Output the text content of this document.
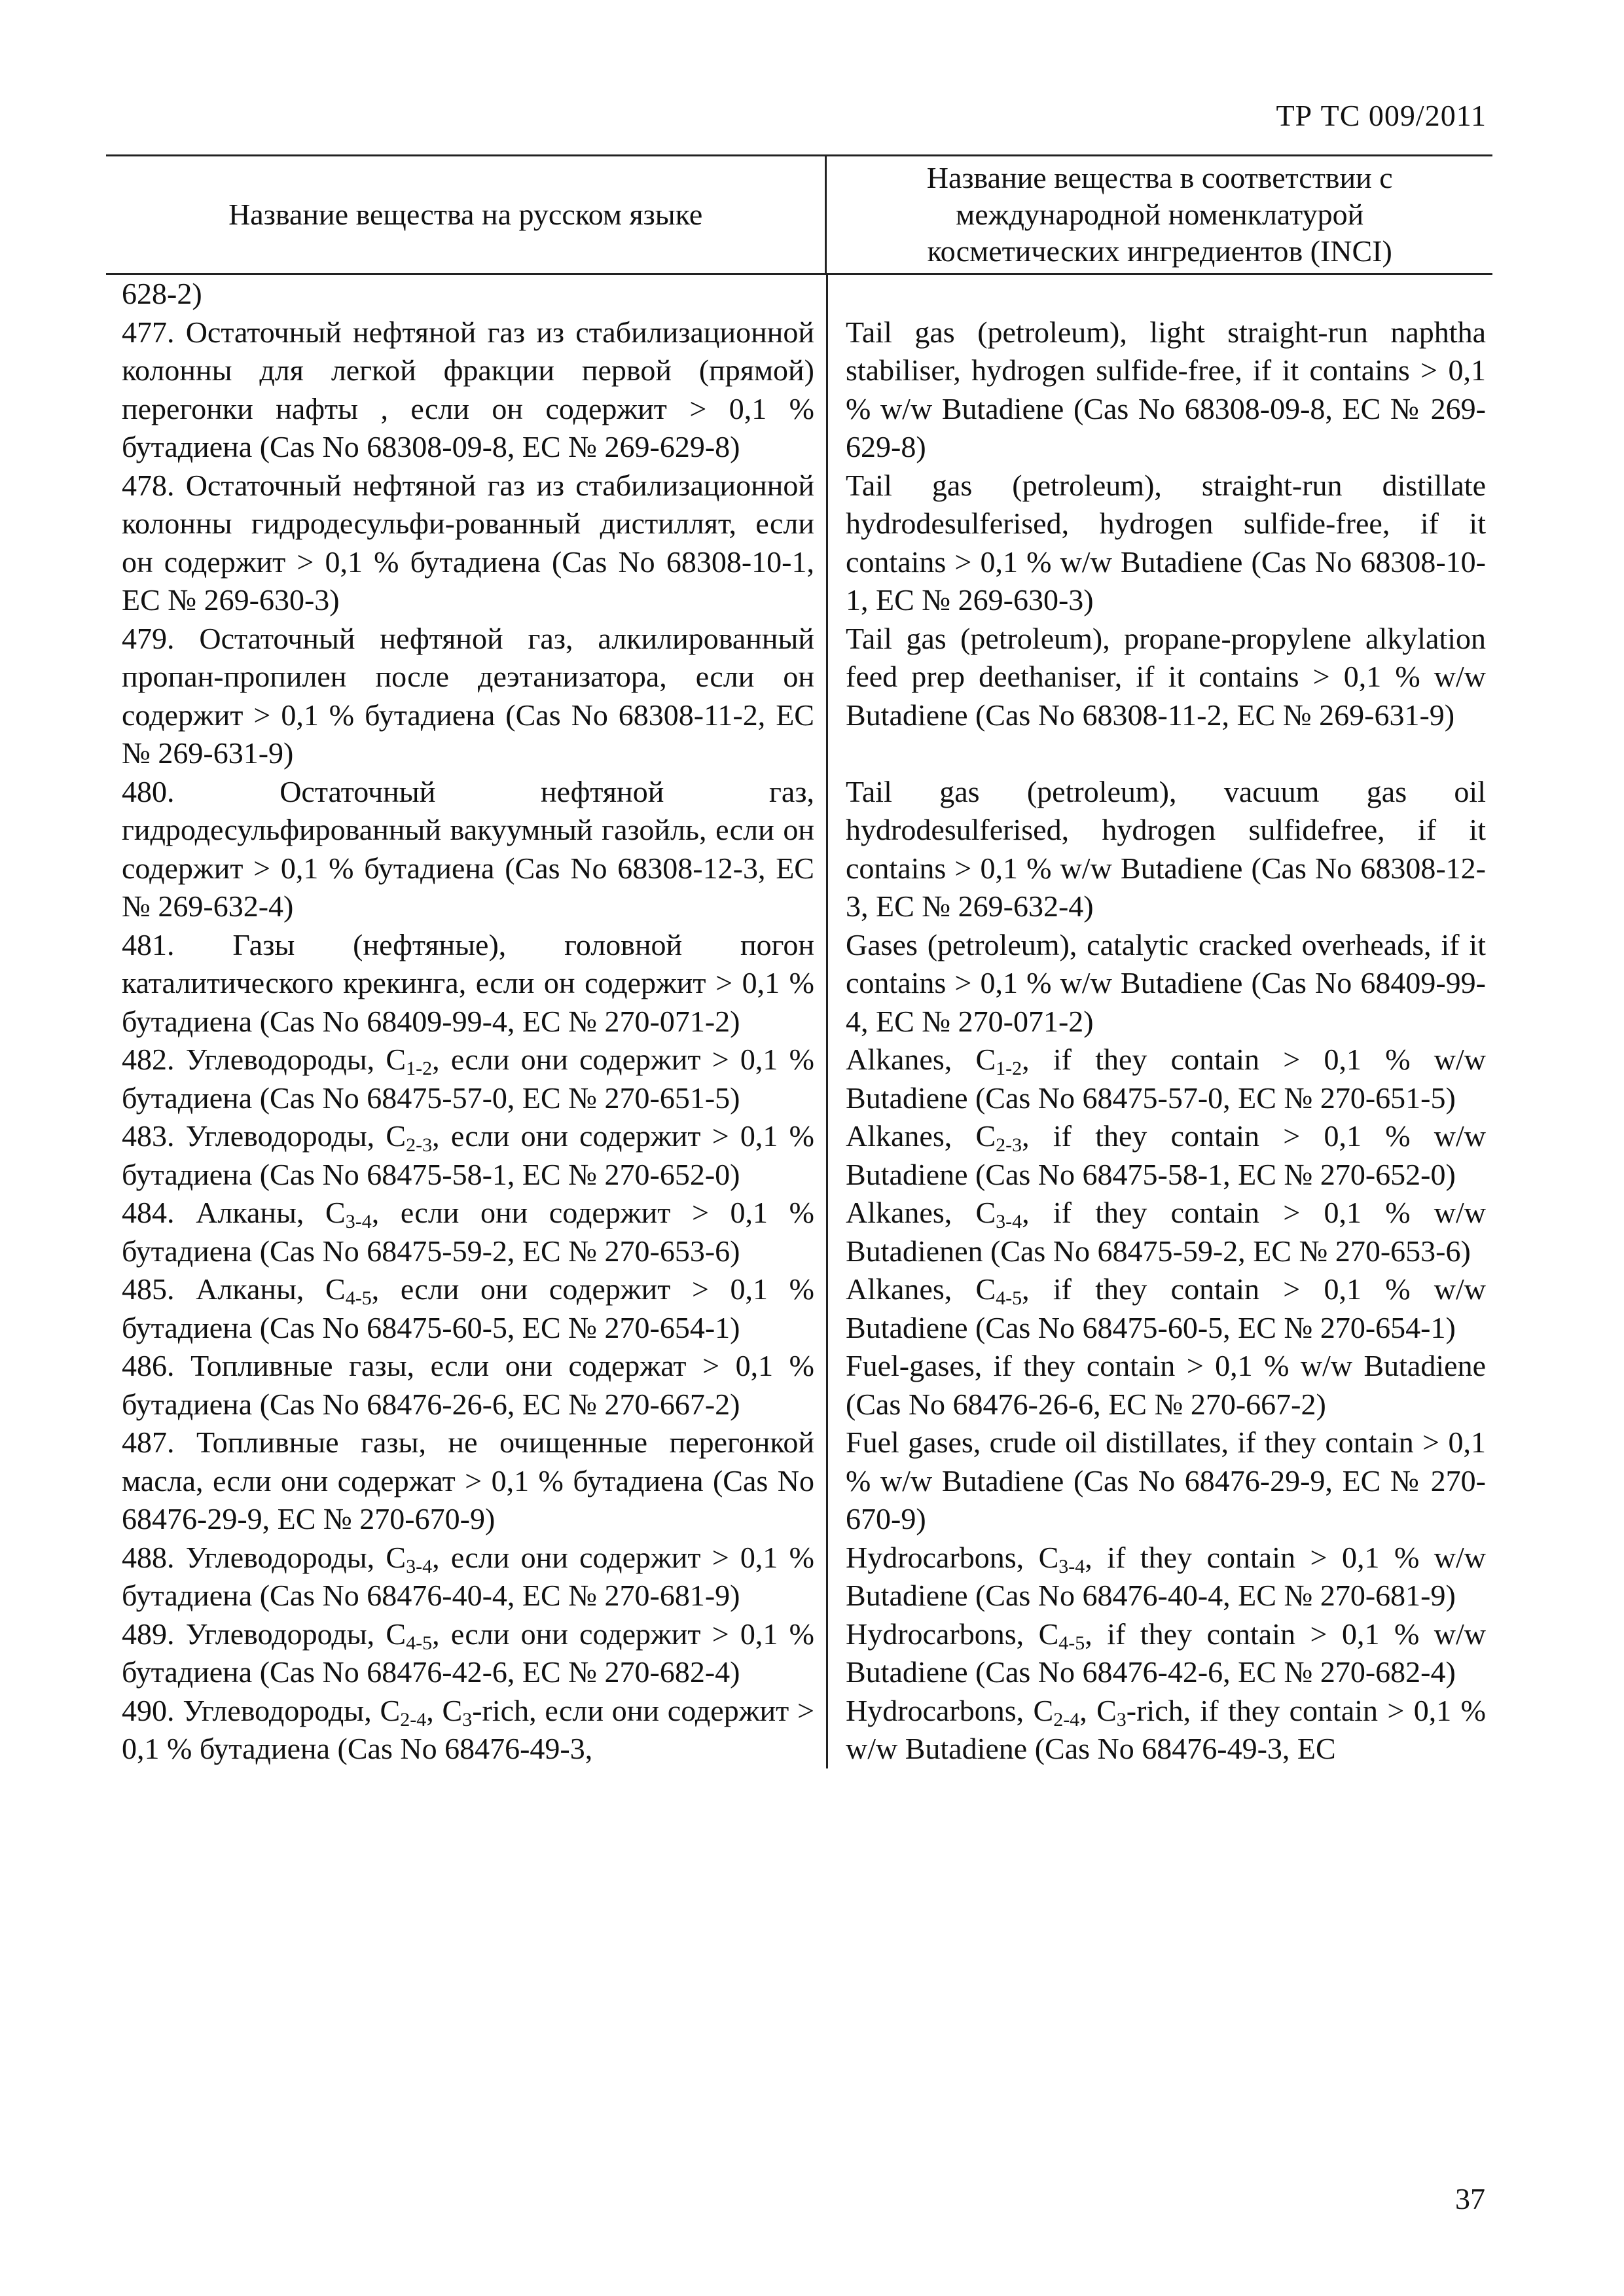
ТР ТС 009/2011
Название вещества на русском языке
Название вещества в соответствии с
международной номенклатурой
косметических ингредиентов (INCI)
628-2)
477. Остаточный нефтяной газ из стабилизационной колонны для легкой фракции первой (прямой) перегонки нафты , если он содержит > 0,1 % бутадиена (Cas No 68308-09-8, EC № 269-629-8)
Tail gas (petroleum), light straight-run naphtha stabiliser, hydrogen sulfide-free, if it contains > 0,1 % w/w Butadiene (Cas No 68308-09-8, EC № 269-629-8)
478. Остаточный нефтяной газ из стабилизационной колонны гидродесульфи-рованный дистиллят, если он содержит > 0,1 % бутадиена (Cas No 68308-10-1, EC № 269-630-3)
Tail gas (petroleum), straight-run distillate hydrodesulferised, hydrogen sulfide-free, if it contains > 0,1 % w/w Butadiene (Cas No 68308-10-1, EC № 269-630-3)
479. Остаточный нефтяной газ, алкилированный пропан-пропилен после деэтанизатора, если он содержит > 0,1 % бутадиена (Cas No 68308-11-2, EC № 269-631-9)
Tail gas (petroleum), propane-propylene alkylation feed prep deethaniser, if it contains > 0,1 % w/w Butadiene (Cas No 68308-11-2, EC № 269-631-9)
480. Остаточный нефтяной газ, гидродесульфированный вакуумный газойль, если он содержит > 0,1 % бутадиена (Cas No 68308-12-3, EC № 269-632-4)
Tail gas (petroleum), vacuum gas oil hydrodesulferised, hydrogen sulfidefree, if it contains > 0,1 % w/w Butadiene (Cas No 68308-12-3, EC № 269-632-4)
481. Газы (нефтяные), головной погон каталитического крекинга, если он содержит > 0,1 % бутадиена (Cas No 68409-99-4, EC № 270-071-2)
Gases (petroleum), catalytic cracked overheads, if it contains > 0,1 % w/w Butadiene (Cas No 68409-99-4, EC № 270-071-2)
482. Углеводороды, $C_{1-2}$, если они содержит > 0,1 % бутадиена (Cas No 68475-57-0, EC № 270-651-5)
Alkanes, $C_{1-2}$, if they contain > 0,1 % w/w Butadiene (Cas No 68475-57-0, EC № 270-651-5)
483. Углеводороды, $C_{2-3}$, если они содержит > 0,1 % бутадиена (Cas No 68475-58-1, EC № 270-652-0)
Alkanes, $C_{2-3}$, if they contain > 0,1 % w/w Butadiene (Cas No 68475-58-1, EC № 270-652-0)
484. Алканы, $C_{3-4}$, если они содержит > 0,1 % бутадиена (Cas No 68475-59-2, EC № 270-653-6)
Alkanes, $C_{3-4}$, if they contain > 0,1 % w/w Butadienen (Cas No 68475-59-2, EC № 270-653-6)
485. Алканы, $C_{4-5}$, если они содержит > 0,1 % бутадиена (Cas No 68475-60-5, EC № 270-654-1)
Alkanes, $C_{4-5}$, if they contain > 0,1 % w/w Butadiene (Cas No 68475-60-5, EC № 270-654-1)
486. Топливные газы, если они содержат > 0,1 % бутадиена (Cas No 68476-26-6, EC № 270-667-2)
Fuel-gases, if they contain > 0,1 % w/w Butadiene (Cas No 68476-26-6, EC № 270-667-2)
487. Топливные газы, не очищенные перегонкой масла, если они содержат > 0,1 % бутадиена (Cas No 68476-29-9, EC № 270-670-9)
Fuel gases, crude oil distillates, if they contain > 0,1 % w/w Butadiene (Cas No 68476-29-9, EC № 270-670-9)
488. Углеводороды, $C_{3-4}$, если они содержит > 0,1 % бутадиена (Cas No 68476-40-4, EC № 270-681-9)
Hydrocarbons, $C_{3-4}$, if they contain > 0,1 % w/w Butadiene (Cas No 68476-40-4, EC № 270-681-9)
489. Углеводороды, $C_{4-5}$, если они содержит > 0,1 % бутадиена (Cas No 68476-42-6, EC № 270-682-4)
Hydrocarbons, $C_{4-5}$, if they contain > 0,1 % w/w Butadiene (Cas No 68476-42-6, EC № 270-682-4)
490. Углеводороды, $C_{2-4}$, $C_3$-rich, если они содержит > 0,1 % бутадиена (Cas No 68476-49-3,
Hydrocarbons, $C_{2-4}$, $C_3$-rich, if they contain > 0,1 % w/w Butadiene (Cas No 68476-49-3, EC
37
